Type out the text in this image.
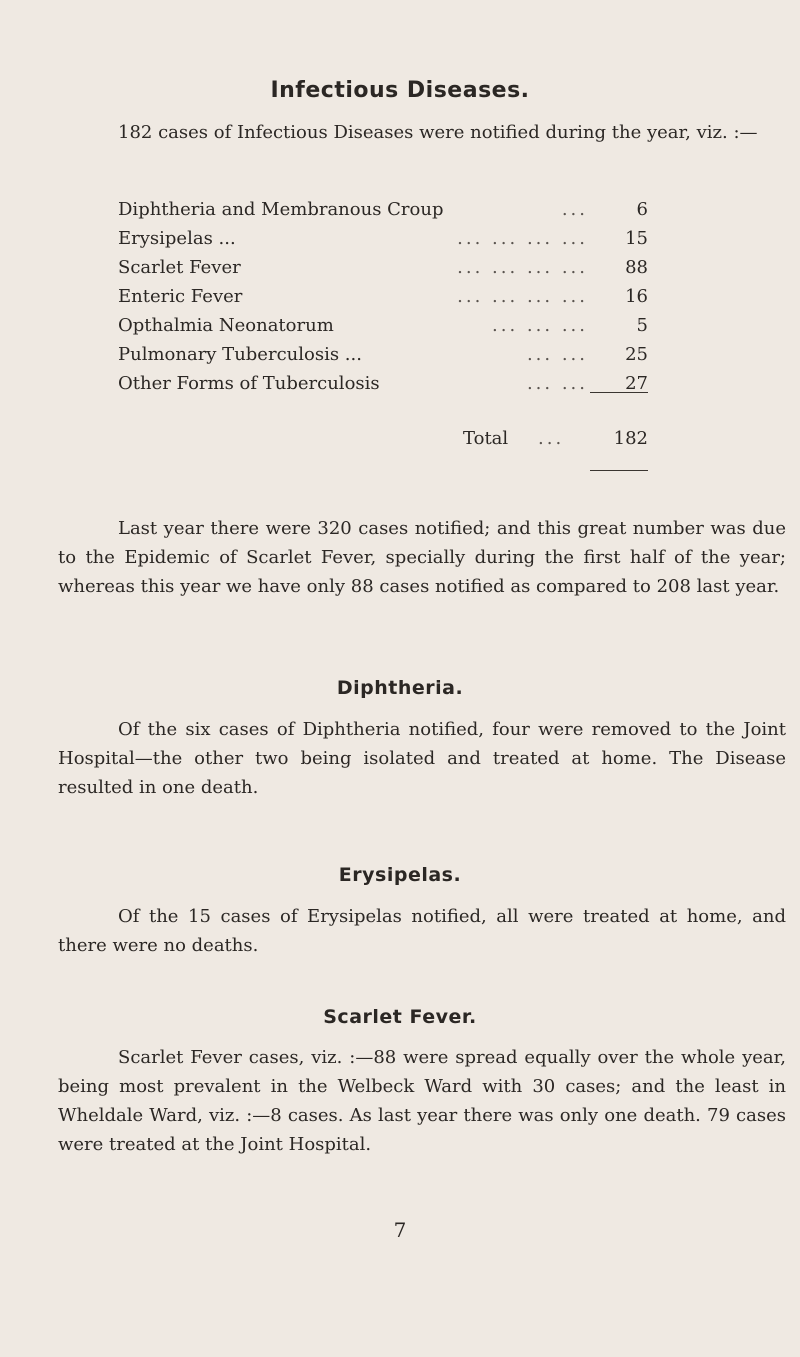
Infectious Diseases.
182 cases of Infectious Diseases were notified during the year, viz. :—
Diphtheria and Membranous Croup	...	6
Erysipelas ...	... ... ... ...	15
Scarlet Fever	... ... ... ...	88
Enteric Fever	... ... ... ...	16
Opthalmia Neonatorum	... ... ...	5
Pulmonary Tuberculosis ...	... ...	25
Other Forms of Tuberculosis	... ...	27
Total ...	182
Last year there were 320 cases notified; and this great number was due to the Epidemic of Scarlet Fever, specially during the first half of the year; whereas this year we have only 88 cases notified as compared to 208 last year.
Diphtheria.
Of the six cases of Diphtheria notified, four were removed to the Joint Hospital—the other two being isolated and treated at home. The Disease resulted in one death.
Erysipelas.
Of the 15 cases of Erysipelas notified, all were treated at home, and there were no deaths.
Scarlet Fever.
Scarlet Fever cases, viz. :—88 were spread equally over the whole year, being most prevalent in the Welbeck Ward with 30 cases; and the least in Wheldale Ward, viz. :—8 cases. As last year there was only one death. 79 cases were treated at the Joint Hospital.
7
